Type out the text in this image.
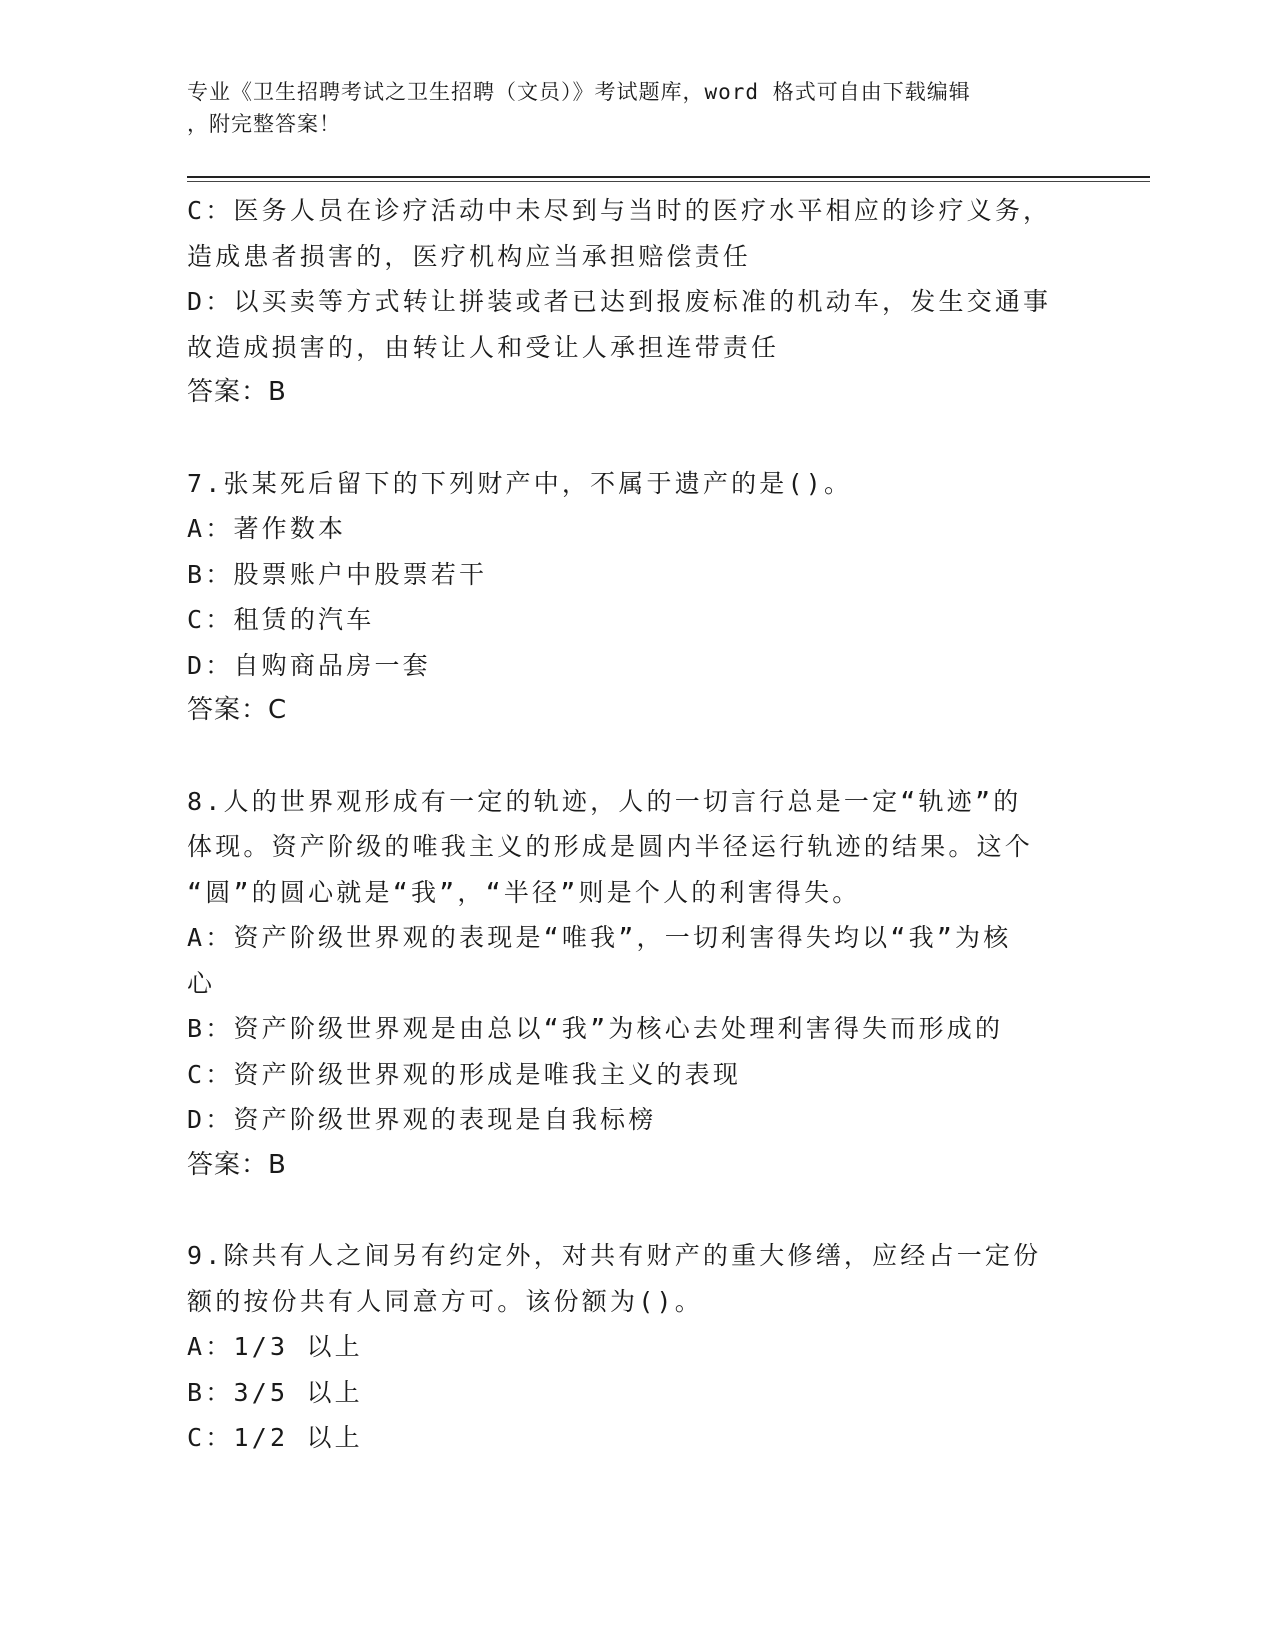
专业《卫生招聘考试之卫生招聘（文员）》考试题库，word 格式可自由下载编辑
，附完整答案！
C：医务人员在诊疗活动中未尽到与当时的医疗水平相应的诊疗义务，
造成患者损害的，医疗机构应当承担赔偿责任
D：以买卖等方式转让拼装或者已达到报废标准的机动车，发生交通事
故造成损害的，由转让人和受让人承担连带责任
答案：B
7.张某死后留下的下列财产中，不属于遗产的是()。
A：著作数本
B：股票账户中股票若干
C：租赁的汽车
D：自购商品房一套
答案：C
8.人的世界观形成有一定的轨迹，人的一切言行总是一定“轨迹”的
体现。资产阶级的唯我主义的形成是圆内半径运行轨迹的结果。这个
“圆”的圆心就是“我”，“半径”则是个人的利害得失。
A：资产阶级世界观的表现是“唯我”，一切利害得失均以“我”为核
心
B：资产阶级世界观是由总以“我”为核心去处理利害得失而形成的
C：资产阶级世界观的形成是唯我主义的表现
D：资产阶级世界观的表现是自我标榜
答案：B
9.除共有人之间另有约定外，对共有财产的重大修缮，应经占一定份
额的按份共有人同意方可。该份额为()。
A：1/3 以上
B：3/5 以上
C：1/2 以上
